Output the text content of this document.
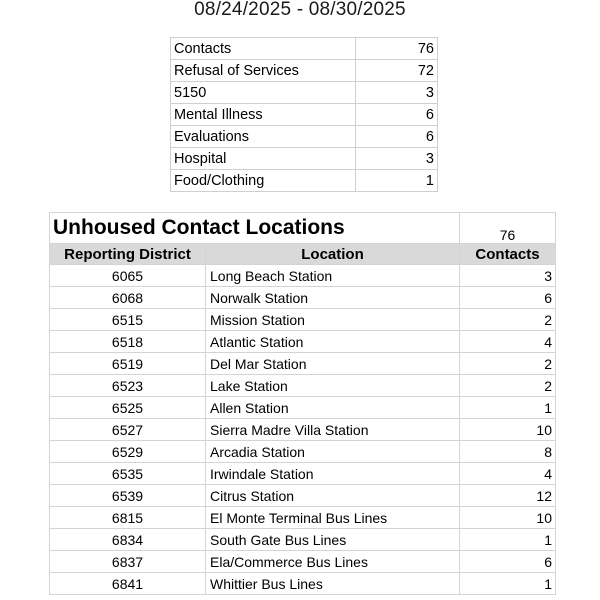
08/24/2025 - 08/30/2025
Contacts	76
Refusal of Services	72
5150	3
Mental Illness	6
Evaluations	6
Hospital	3
Food/Clothing	1
Unhoused Contact Locations		76
Reporting District	Location	Contacts
6065	Long Beach Station	3
6068	Norwalk Station	6
6515	Mission Station	2
6518	Atlantic Station	4
6519	Del Mar Station	2
6523	Lake Station	2
6525	Allen Station	1
6527	Sierra Madre Villa Station	10
6529	Arcadia Station	8
6535	Irwindale Station	4
6539	Citrus Station	12
6815	El Monte Terminal Bus Lines	10
6834	South Gate Bus Lines	1
6837	Ela/Commerce Bus Lines	6
6841	Whittier Bus Lines	1
